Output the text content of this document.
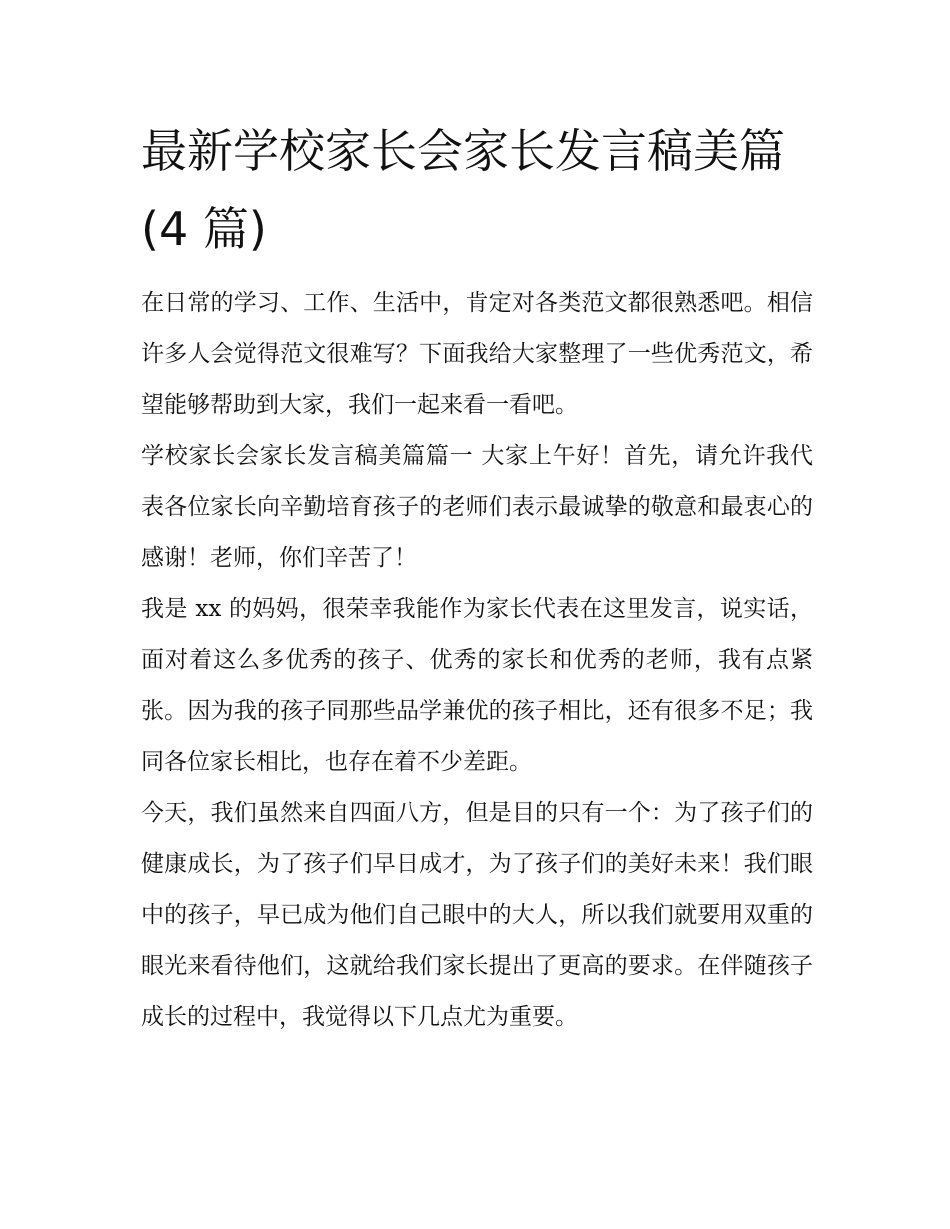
最新学校家长会家长发言稿美篇(4 篇)

在日常的学习、工作、生活中，肯定对各类范文都很熟悉吧。相信许多人会觉得范文很难写？下面我给大家整理了一些优秀范文，希望能够帮助到大家，我们一起来看一看吧。

学校家长会家长发言稿美篇篇一 大家上午好！首先，请允许我代表各位家长向辛勤培育孩子的老师们表示最诚挚的敬意和最衷心的感谢！老师，你们辛苦了！

我是 xx 的妈妈，很荣幸我能作为家长代表在这里发言，说实话，面对着这么多优秀的孩子、优秀的家长和优秀的老师，我有点紧张。因为我的孩子同那些品学兼优的孩子相比，还有很多不足；我同各位家长相比，也存在着不少差距。

今天，我们虽然来自四面八方，但是目的只有一个：为了孩子们的健康成长，为了孩子们早日成才，为了孩子们的美好未来！我们眼中的孩子，早已成为他们自己眼中的大人，所以我们就要用双重的眼光来看待他们，这就给我们家长提出了更高的要求。在伴随孩子成长的过程中，我觉得以下几点尤为重要。
